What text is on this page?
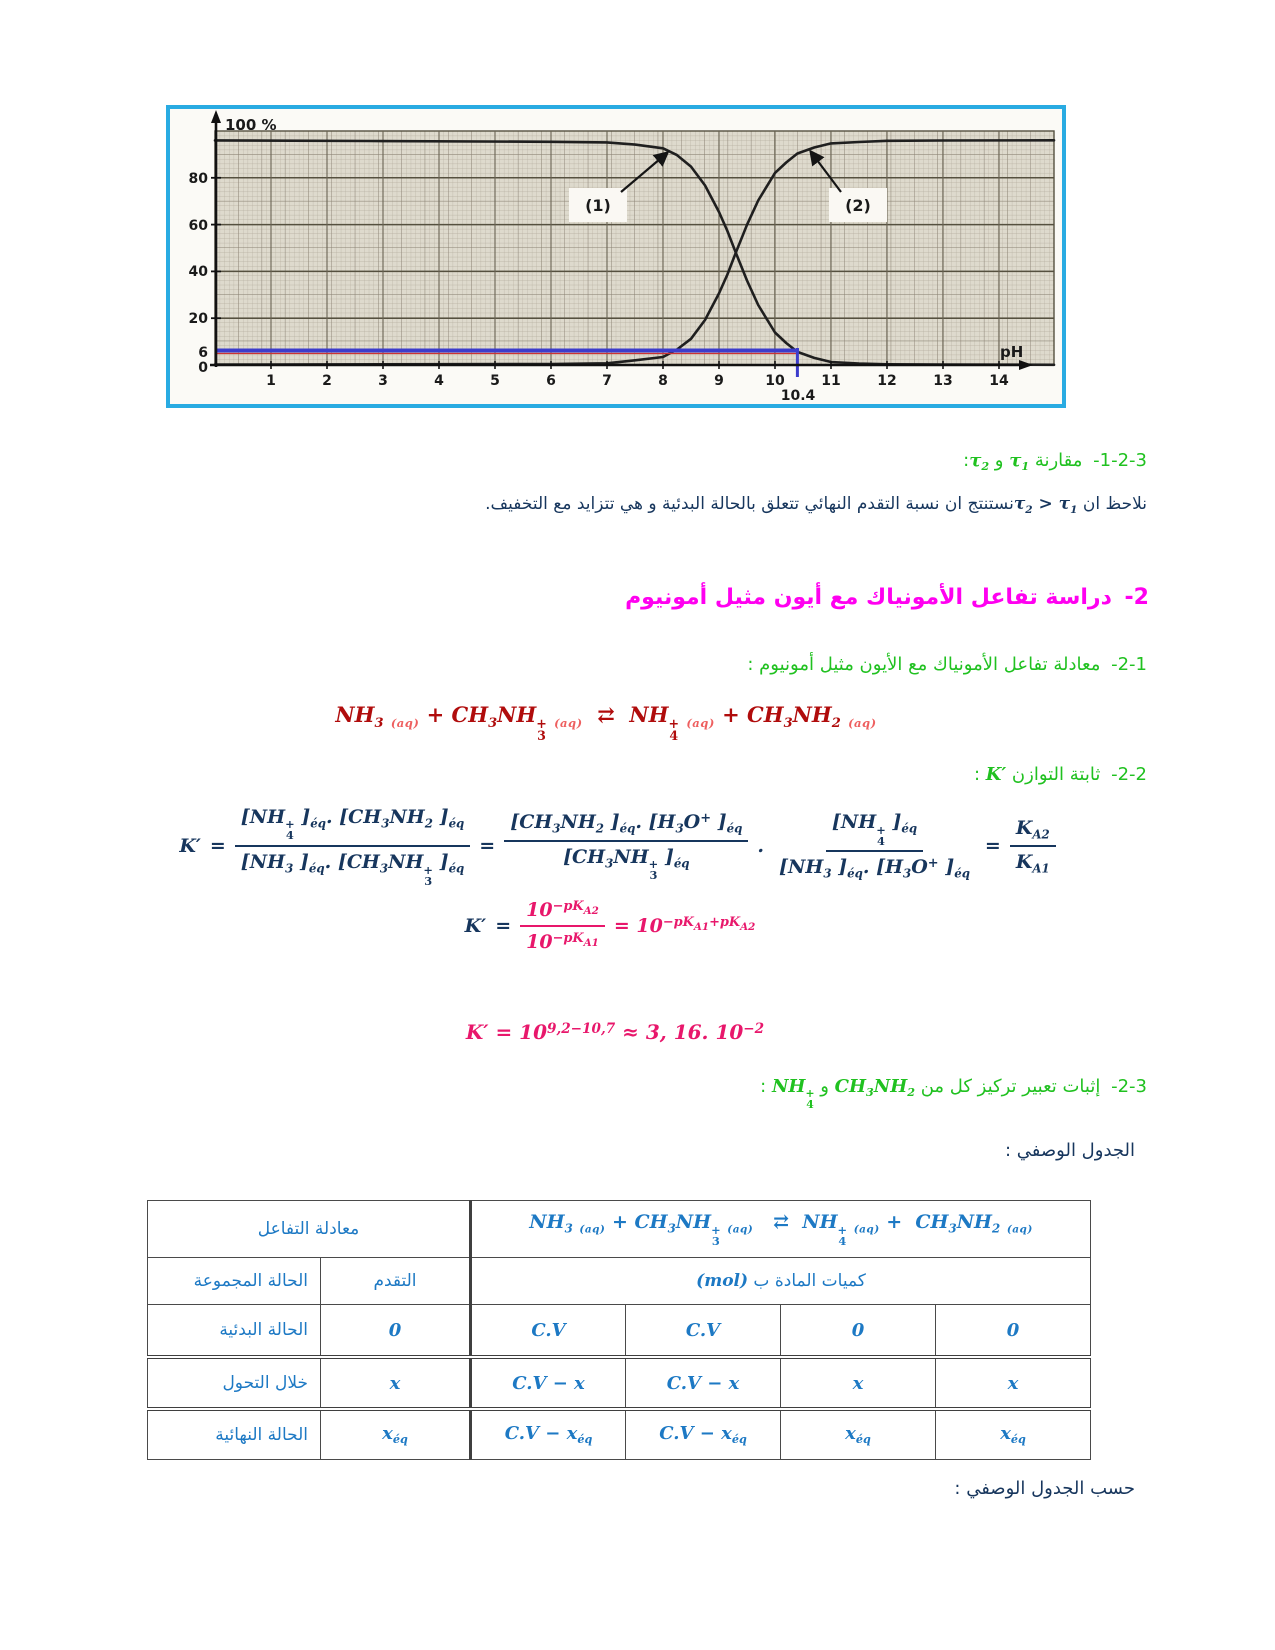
(1)	(2)
100 %
80
60
40
20
6
0
pH
1	2	3	4	5	6	7	8	9	10	11	12	13	14
10.4
-1-2-3 مقارنة $\tau_1$ و $\tau_2$:
نلاحظ ان $\tau_2$ > $\tau_1نستنتج$ ان نسبة التقدم النهائي تتعلق بالحالة البدئية و هي تتزايد مع التخفيف.
-2 دراسة تفاعل الأمونياك مع أيون مثيل أمونيوم
-2-1 معادلة تفاعل الأمونياك مع الأيون مثيل أمونيوم :
$NH_3$ $_{(aq)} + CH_3NH$ +
3
$_{(aq)}$  ⇄  NH +
4
$_{(aq)} + CH_3NH_2$ $_{(aq)}$
-2-2 ثابتة التوازن K′ :
K′ = [NH +
4
]$_{éq}$. [$CH_3NH_2$ ]$_{éq}$
[$NH_3$ ]$_{éq}$. [$CH_3NH$ +
3
]$_{éq} = [CH_3NH_2$ ]$_{éq}$. [$H_3O^+$ ]$_{éq}$
[$CH_3NH$ +
3
]$_{éq}$ . [NH +
4
]$_{éq}$
[$NH_3$ ]$_{éq}$. [$H_3O^+$ ]$_{éq} = \frac{K_{A2}}{K_{A1}}$
$K' = \frac{10^{-pK_{A2}}}{10^{-pK_{A1}}} = 10^{-pK_{A1}+pK_{A2}}$
$K' = 10^{9,2-10,7} \approx 3$, 16. $10^{-2}$
-2-3 إثبات تعبير تركيز كل من $CH_3NH_2$ و NH +
4
:
الجدول الوصفي :
معادلة التفاعل	$NH_3$ $_{(aq)} + CH_3NH$ +
3
$_{(aq)}$   ⇄  NH +
4
$_{(aq)} + CH_3NH_2$ $_{(aq)}$
الحالة المجموعة	التقدم	كميات المادة ب (mol)			
الحالة البدئية	0	C.V	C.V	0	0
خلال التحول	x	C.V − x	C.V − x	x	x
الحالة النهائية	$x_{éq}$	$C.V - x_{éq}$	$C.V - x_{éq}$	$x_{éq}$	$x_{éq}$
حسب الجدول الوصفي :
